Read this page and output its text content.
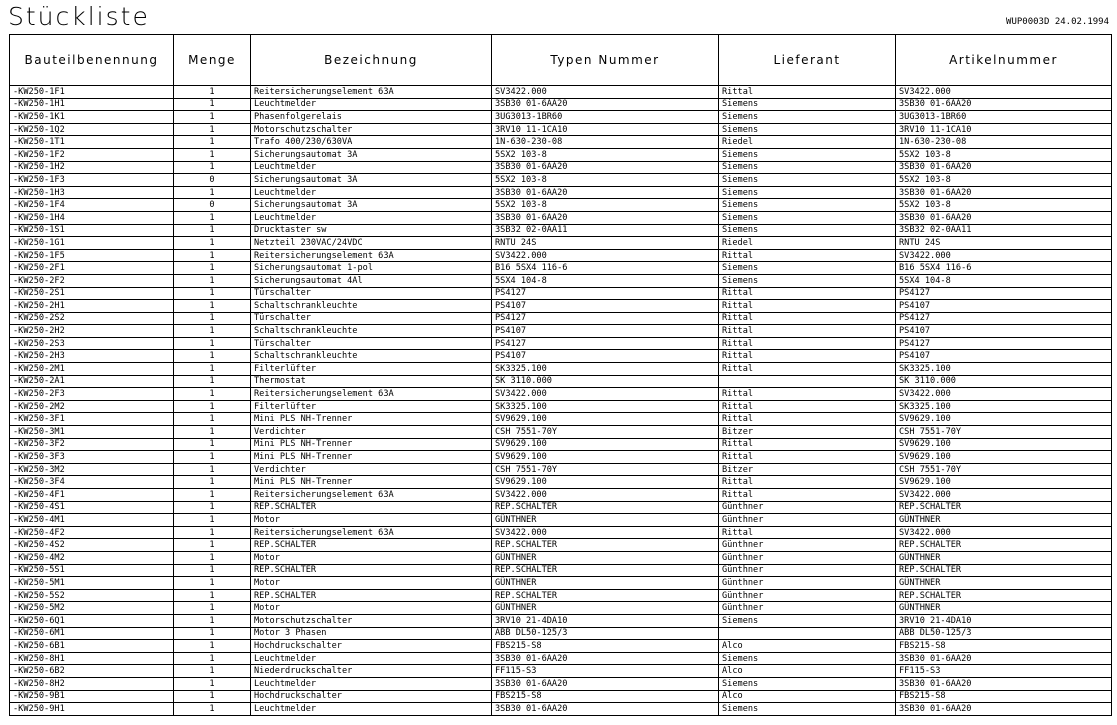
Stückliste	WUP0003D 24.02.1994
Bauteilbenennung	Menge	Bezeichnung	Typen Nummer	Lieferant	Artikelnummer
-KW250-1F1	1	Reitersicherungselement 63A	SV3422.000	Rittal	SV3422.000
-KW250-1H1	1	Leuchtmelder	3SB30 01-6AA20	Siemens	3SB30 01-6AA20
-KW250-1K1	1	Phasenfolgerelais	3UG3013-1BR60	Siemens	3UG3013-1BR60
-KW250-1Q2	1	Motorschutzschalter	3RV10 11-1CA10	Siemens	3RV10 11-1CA10
-KW250-1T1	1	Trafo 400/230/630VA	1N-630-230-08	Riedel	1N-630-230-08
-KW250-1F2	1	Sicherungsautomat 3A	5SX2 103-8	Siemens	5SX2 103-8
-KW250-1H2	1	Leuchtmelder	3SB30 01-6AA20	Siemens	3SB30 01-6AA20
-KW250-1F3	0	Sicherungsautomat 3A	5SX2 103-8	Siemens	5SX2 103-8
-KW250-1H3	1	Leuchtmelder	3SB30 01-6AA20	Siemens	3SB30 01-6AA20
-KW250-1F4	0	Sicherungsautomat 3A	5SX2 103-8	Siemens	5SX2 103-8
-KW250-1H4	1	Leuchtmelder	3SB30 01-6AA20	Siemens	3SB30 01-6AA20
-KW250-1S1	1	Drucktaster sw	3SB32 02-0AA11	Siemens	3SB32 02-0AA11
-KW250-1G1	1	Netzteil 230VAC/24VDC	RNTU 24S	Riedel	RNTU 24S
-KW250-1F5	1	Reitersicherungselement 63A	SV3422.000	Rittal	SV3422.000
-KW250-2F1	1	Sicherungsautomat 1-pol	B16 5SX4 116-6	Siemens	B16 5SX4 116-6
-KW250-2F2	1	Sicherungsautomat 4Al	5SX4 104-8	Siemens	5SX4 104-8
-KW250-2S1	1	Türschalter	PS4127	Rittal	PS4127
-KW250-2H1	1	Schaltschrankleuchte	PS4107	Rittal	PS4107
-KW250-2S2	1	Türschalter	PS4127	Rittal	PS4127
-KW250-2H2	1	Schaltschrankleuchte	PS4107	Rittal	PS4107
-KW250-2S3	1	Türschalter	PS4127	Rittal	PS4127
-KW250-2H3	1	Schaltschrankleuchte	PS4107	Rittal	PS4107
-KW250-2M1	1	Filterlüfter	SK3325.100	Rittal	SK3325.100
-KW250-2A1	1	Thermostat	SK 3110.000		SK 3110.000
-KW250-2F3	1	Reitersicherungselement 63A	SV3422.000	Rittal	SV3422.000
-KW250-2M2	1	Filterlüfter	SK3325.100	Rittal	SK3325.100
-KW250-3F1	1	Mini PLS NH-Trenner	SV9629.100	Rittal	SV9629.100
-KW250-3M1	1	Verdichter	CSH 7551-70Y	Bitzer	CSH 7551-70Y
-KW250-3F2	1	Mini PLS NH-Trenner	SV9629.100	Rittal	SV9629.100
-KW250-3F3	1	Mini PLS NH-Trenner	SV9629.100	Rittal	SV9629.100
-KW250-3M2	1	Verdichter	CSH 7551-70Y	Bitzer	CSH 7551-70Y
-KW250-3F4	1	Mini PLS NH-Trenner	SV9629.100	Rittal	SV9629.100
-KW250-4F1	1	Reitersicherungselement 63A	SV3422.000	Rittal	SV3422.000
-KW250-4S1	1	REP.SCHALTER	REP.SCHALTER	Günthner	REP.SCHALTER
-KW250-4M1	1	Motor	GÜNTHNER	Günthner	GÜNTHNER
-KW250-4F2	1	Reitersicherungselement 63A	SV3422.000	Rittal	SV3422.000
-KW250-4S2	1	REP.SCHALTER	REP.SCHALTER	Günthner	REP.SCHALTER
-KW250-4M2	1	Motor	GÜNTHNER	Günthner	GÜNTHNER
-KW250-5S1	1	REP.SCHALTER	REP.SCHALTER	Günthner	REP.SCHALTER
-KW250-5M1	1	Motor	GÜNTHNER	Günthner	GÜNTHNER
-KW250-5S2	1	REP.SCHALTER	REP.SCHALTER	Günthner	REP.SCHALTER
-KW250-5M2	1	Motor	GÜNTHNER	Günthner	GÜNTHNER
-KW250-6Q1	1	Motorschutzschalter	3RV10 21-4DA10	Siemens	3RV10 21-4DA10
-KW250-6M1	1	Motor 3 Phasen	ABB DL50-125/3		ABB DL50-125/3
-KW250-6B1	1	Hochdruckschalter	FBS215-S8	Alco	FBS215-S8
-KW250-8H1	1	Leuchtmelder	3SB30 01-6AA20	Siemens	3SB30 01-6AA20
-KW250-6B2	1	Niederdruckschalter	FF115-S3	Alco	FF115-S3
-KW250-8H2	1	Leuchtmelder	3SB30 01-6AA20	Siemens	3SB30 01-6AA20
-KW250-9B1	1	Hochdruckschalter	FBS215-S8	Alco	FBS215-S8
-KW250-9H1	1	Leuchtmelder	3SB30 01-6AA20	Siemens	3SB30 01-6AA20
